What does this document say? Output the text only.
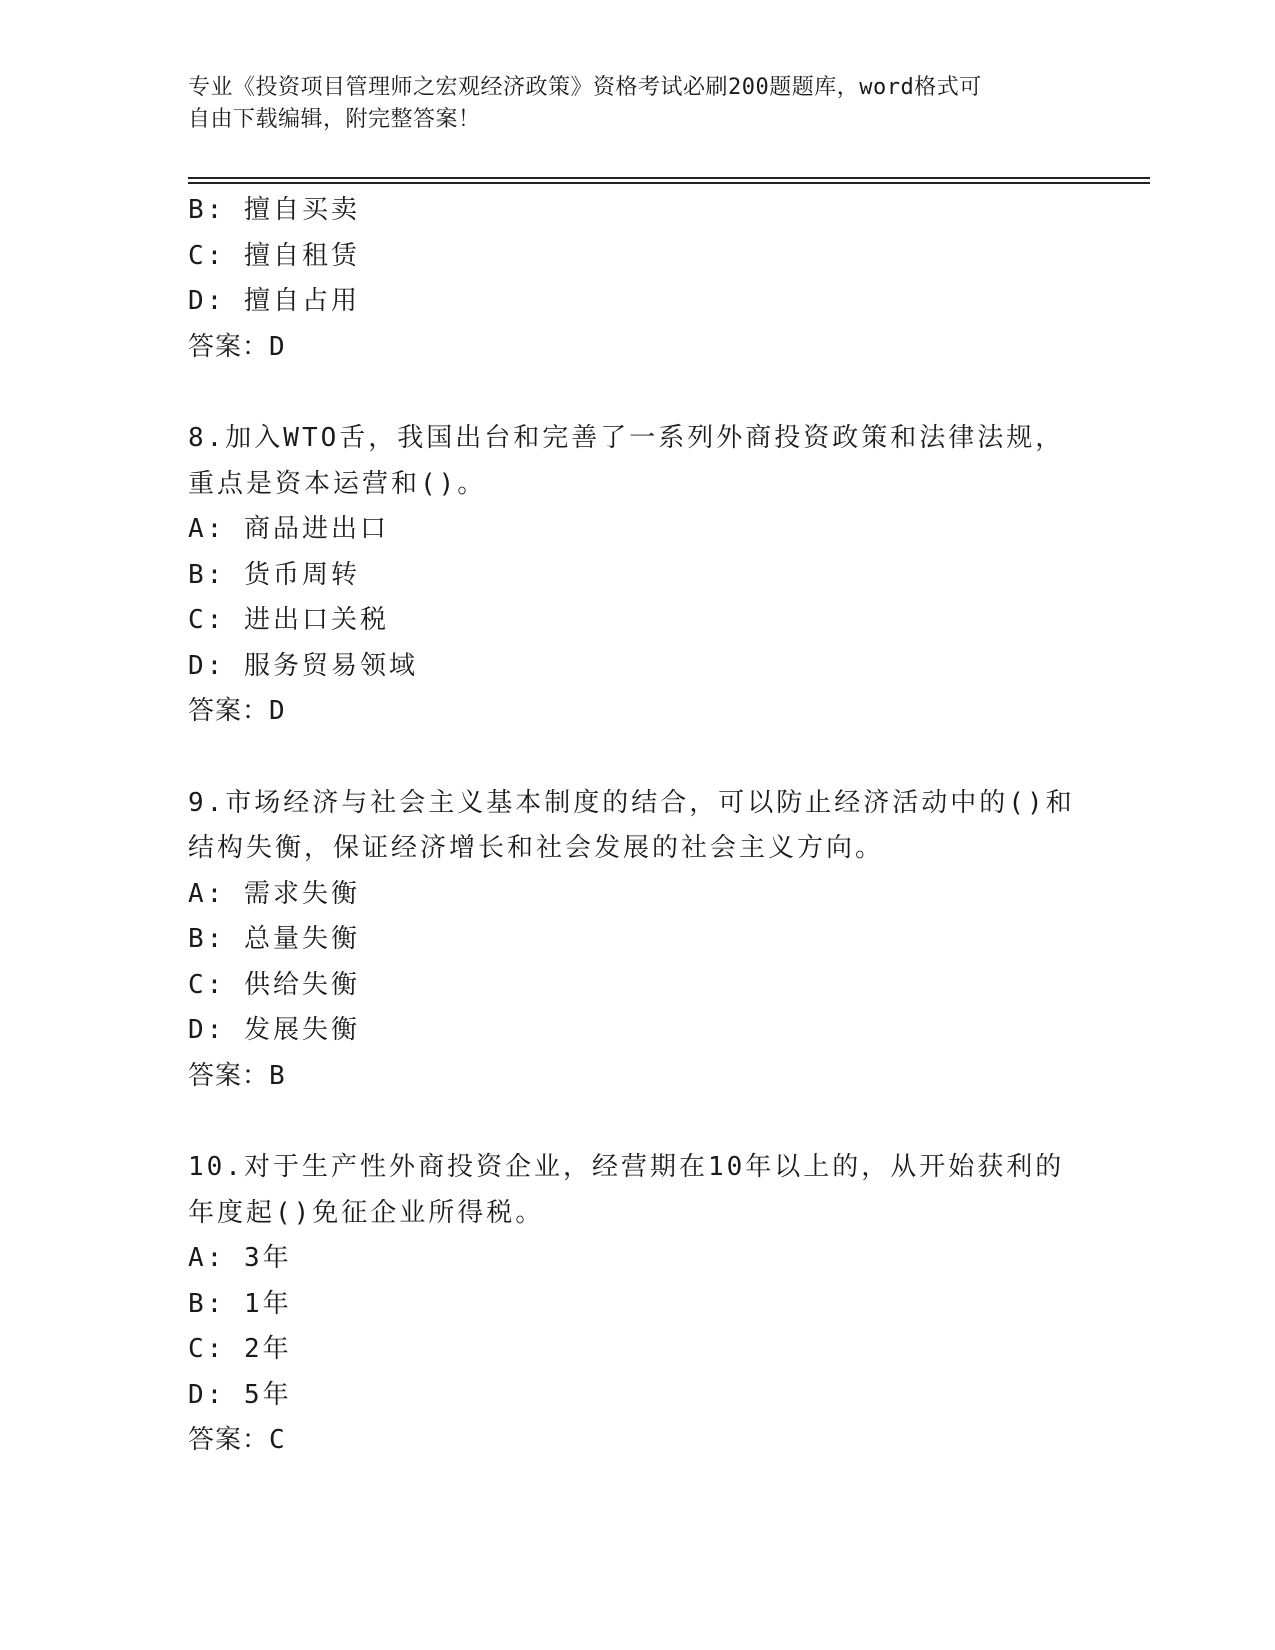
专业《投资项目管理师之宏观经济政策》资格考试必刷200题题库，word格式可
自由下载编辑，附完整答案！
B: 擅自买卖
C: 擅自租赁
D: 擅自占用
答案：D
8.加入WTO舌，我国出台和完善了一系列外商投资政策和法律法规，
重点是资本运营和()。
A: 商品进出口
B: 货币周转
C: 进出口关税
D: 服务贸易领域
答案：D
9.市场经济与社会主义基本制度的结合，可以防止经济活动中的()和
结构失衡，保证经济增长和社会发展的社会主义方向。
A: 需求失衡
B: 总量失衡
C: 供给失衡
D: 发展失衡
答案：B
10.对于生产性外商投资企业，经营期在10年以上的，从开始获利的
年度起()免征企业所得税。
A: 3年
B: 1年
C: 2年
D: 5年
答案：C
